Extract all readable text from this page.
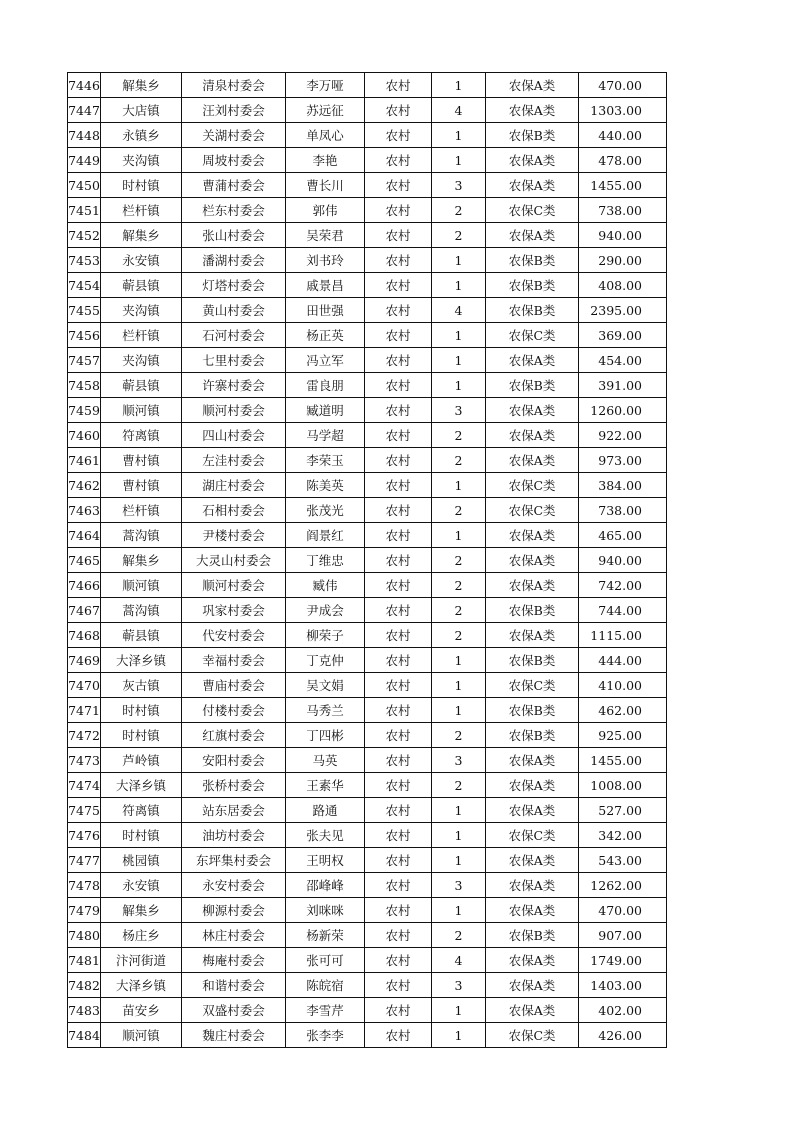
7446	解集乡	清泉村委会	李万哑	农村	1	农保A类	470.00
7447	大店镇	汪刘村委会	苏远征	农村	4	农保A类	1303.00
7448	永镇乡	关湖村委会	单凤心	农村	1	农保B类	440.00
7449	夹沟镇	周坡村委会	李艳	农村	1	农保A类	478.00
7450	时村镇	曹蒲村委会	曹长川	农村	3	农保A类	1455.00
7451	栏杆镇	栏东村委会	郭伟	农村	2	农保C类	738.00
7452	解集乡	张山村委会	吴荣君	农村	2	农保A类	940.00
7453	永安镇	潘湖村委会	刘书玲	农村	1	农保B类	290.00
7454	蕲县镇	灯塔村委会	戚景昌	农村	1	农保B类	408.00
7455	夹沟镇	黄山村委会	田世强	农村	4	农保B类	2395.00
7456	栏杆镇	石河村委会	杨正英	农村	1	农保C类	369.00
7457	夹沟镇	七里村委会	冯立军	农村	1	农保A类	454.00
7458	蕲县镇	许寨村委会	雷良朋	农村	1	农保B类	391.00
7459	顺河镇	顺河村委会	臧道明	农村	3	农保A类	1260.00
7460	符离镇	四山村委会	马学超	农村	2	农保A类	922.00
7461	曹村镇	左洼村委会	李荣玉	农村	2	农保A类	973.00
7462	曹村镇	湖庄村委会	陈美英	农村	1	农保C类	384.00
7463	栏杆镇	石相村委会	张茂光	农村	2	农保C类	738.00
7464	蒿沟镇	尹楼村委会	阎景红	农村	1	农保A类	465.00
7465	解集乡	大灵山村委会	丁维忠	农村	2	农保A类	940.00
7466	顺河镇	顺河村委会	臧伟	农村	2	农保A类	742.00
7467	蒿沟镇	巩家村委会	尹成会	农村	2	农保B类	744.00
7468	蕲县镇	代安村委会	柳荣子	农村	2	农保A类	1115.00
7469	大泽乡镇	幸福村委会	丁克仲	农村	1	农保B类	444.00
7470	灰古镇	曹庙村委会	吴文娟	农村	1	农保C类	410.00
7471	时村镇	付楼村委会	马秀兰	农村	1	农保B类	462.00
7472	时村镇	红旗村委会	丁四彬	农村	2	农保B类	925.00
7473	芦岭镇	安阳村委会	马英	农村	3	农保A类	1455.00
7474	大泽乡镇	张桥村委会	王素华	农村	2	农保A类	1008.00
7475	符离镇	站东居委会	路通	农村	1	农保A类	527.00
7476	时村镇	油坊村委会	张夫见	农村	1	农保C类	342.00
7477	桃园镇	东坪集村委会	王明权	农村	1	农保A类	543.00
7478	永安镇	永安村委会	邵峰峰	农村	3	农保A类	1262.00
7479	解集乡	柳源村委会	刘咪咪	农村	1	农保A类	470.00
7480	杨庄乡	林庄村委会	杨新荣	农村	2	农保B类	907.00
7481	汴河街道	梅庵村委会	张可可	农村	4	农保A类	1749.00
7482	大泽乡镇	和谐村委会	陈皖宿	农村	3	农保A类	1403.00
7483	苗安乡	双盛村委会	李雪芹	农村	1	农保A类	402.00
7484	顺河镇	魏庄村委会	张李李	农村	1	农保C类	426.00
